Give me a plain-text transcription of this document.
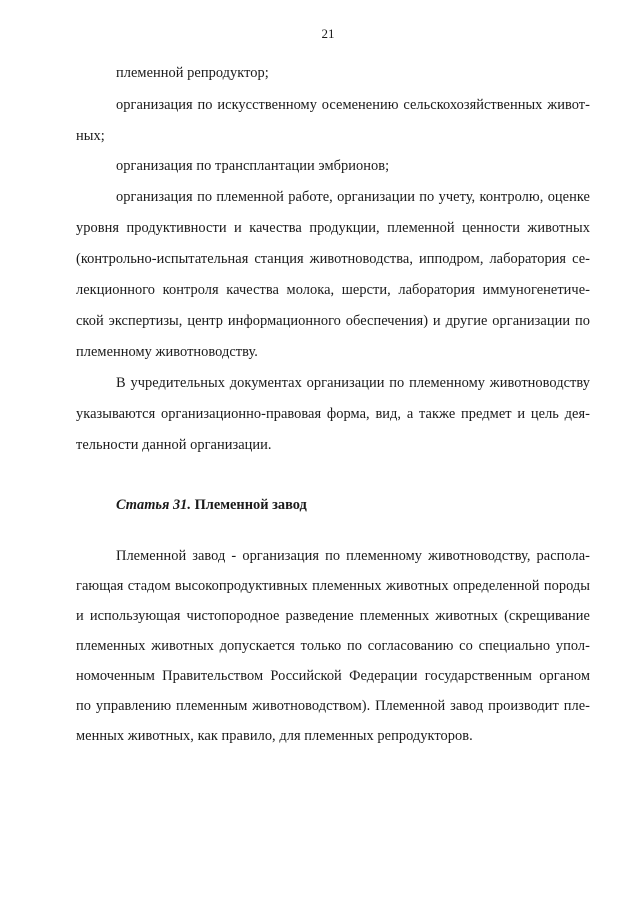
21
племенной репродуктор;
организация по искусственному осеменению сельскохозяйственных живот-
ных;
организация по трансплантации эмбрионов;
организация по племенной работе, организации по учету, контролю, оценке
уровня продуктивности и качества продукции, племенной ценности животных
(контрольно-испытательная станция животноводства, ипподром, лаборатория се-
лекционного контроля качества молока, шерсти, лаборатория иммуногенетиче-
ской экспертизы, центр информационного обеспечения) и другие организации по
племенному животноводству.
В учредительных документах организации по племенному животноводству
указываются организационно-правовая форма, вид, а также предмет и цель дея-
тельности данной организации.
Статья 31. Племенной завод
Племенной завод - организация по племенному животноводству, распола-
гающая стадом высокопродуктивных племенных животных определенной породы
и использующая чистопородное разведение племенных животных (скрещивание
племенных животных допускается только по согласованию со специально упол-
номоченным Правительством Российской Федерации государственным органом
по управлению племенным животноводством). Племенной завод производит пле-
менных животных, как правило, для племенных репродукторов.
